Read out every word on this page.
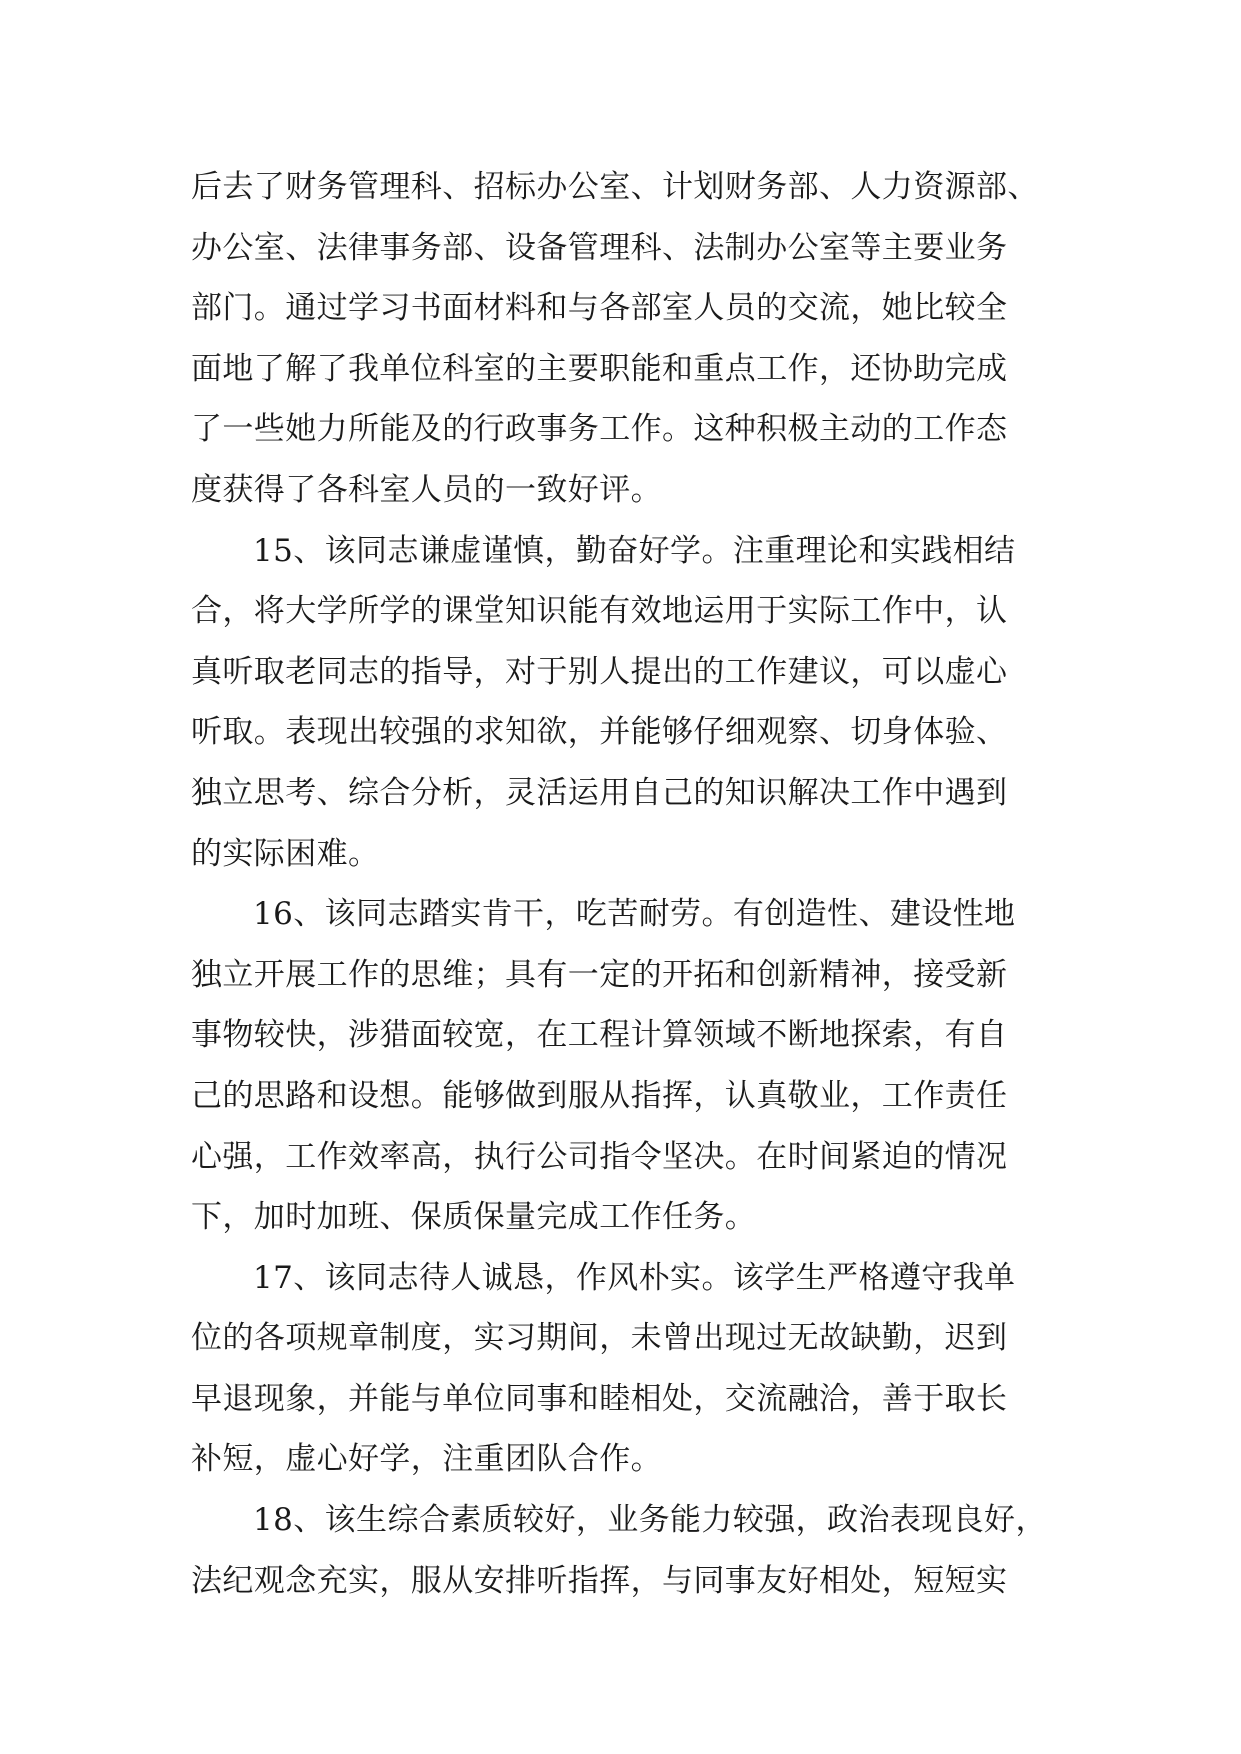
后去了财务管理科、招标办公室、计划财务部、人力资源部、
办公室、法律事务部、设备管理科、法制办公室等主要业务
部门。通过学习书面材料和与各部室人员的交流，她比较全
面地了解了我单位科室的主要职能和重点工作，还协助完成
了一些她力所能及的行政事务工作。这种积极主动的工作态
度获得了各科室人员的一致好评。
15、该同志谦虚谨慎，勤奋好学。注重理论和实践相结
合，将大学所学的课堂知识能有效地运用于实际工作中，认
真听取老同志的指导，对于别人提出的工作建议，可以虚心
听取。表现出较强的求知欲，并能够仔细观察、切身体验、
独立思考、综合分析，灵活运用自己的知识解决工作中遇到
的实际困难。
16、该同志踏实肯干，吃苦耐劳。有创造性、建设性地
独立开展工作的思维；具有一定的开拓和创新精神，接受新
事物较快，涉猎面较宽，在工程计算领域不断地探索，有自
己的思路和设想。能够做到服从指挥，认真敬业，工作责任
心强，工作效率高，执行公司指令坚决。在时间紧迫的情况
下，加时加班、保质保量完成工作任务。
17、该同志待人诚恳，作风朴实。该学生严格遵守我单
位的各项规章制度，实习期间，未曾出现过无故缺勤，迟到
早退现象，并能与单位同事和睦相处，交流融洽，善于取长
补短，虚心好学，注重团队合作。
18、该生综合素质较好，业务能力较强，政治表现良好，
法纪观念充实，服从安排听指挥，与同事友好相处，短短实
